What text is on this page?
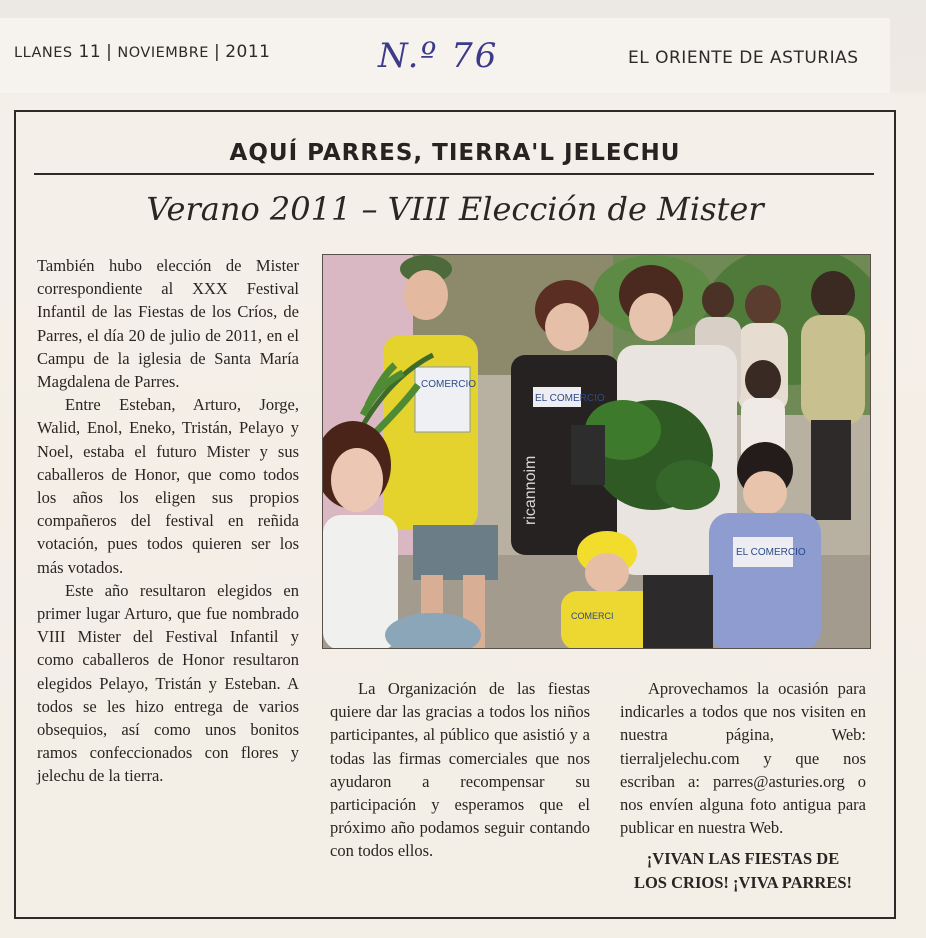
LLANES 11 | NOVIEMBRE | 2011	N.º 76	EL ORIENTE DE ASTURIAS
AQUÍ PARRES, TIERRA'L JELECHU
Verano 2011 – VIII Elección de Mister

También hubo elección de Mister correspondiente al XXX Festival Infantil de las Fiestas de los Críos, de Parres, el día 20 de julio de 2011, en el Campu de la iglesia de Santa María Magdalena de Parres.

Entre Esteban, Arturo, Jorge, Walid, Enol, Eneko, Tristán, Pelayo y Noel, estaba el futuro Mister y sus caballeros de Honor, que como todos los años los eligen sus propios compañeros del festival en reñida votación, pues todos quieren ser los más votados.

Este año resultaron elegidos en primer lugar Arturo, que fue nombrado VIII Mister del Festival Infantil y como caballeros de Honor resultaron elegidos Pelayo, Tristán y Esteban. A todos se les hizo entrega de varios obsequios, así como unos bonitos ramos confeccionados con flores y jelechu de la tierra.

COMERCIO
ricannoim
EL COMERCIO
COMERCI
EL COMERCIO

La Organización de las fiestas quiere dar las gracias a todos los niños participantes, al público que asistió y a todas las firmas comerciales que nos ayudaron a recompensar su participación y esperamos que el próximo año podamos seguir contando con todos ellos.

Aprovechamos la ocasión para indicarles a todos que nos visiten en nuestra página, Web: tierraljelechu.com y que nos escriban a: parres@asturies.org o nos envíen alguna foto antigua para publicar en nuestra Web.

¡VIVAN LAS FIESTAS DE
LOS CRIOS! ¡VIVA PARRES!
